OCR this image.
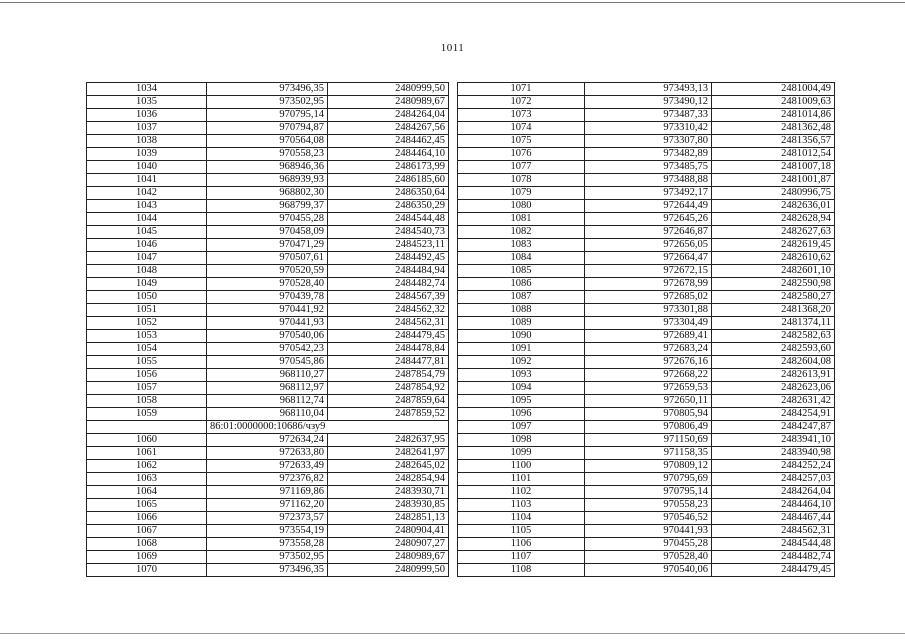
1011
1034	973496,35	2480999,50
1035	973502,95	2480989,67
1036	970795,14	2484264,04
1037	970794,87	2484267,56
1038	970564,08	2484462,45
1039	970558,23	2484464,10
1040	968946,36	2486173,99
1041	968939,93	2486185,60
1042	968802,30	2486350,64
1043	968799,37	2486350,29
1044	970455,28	2484544,48
1045	970458,09	2484540,73
1046	970471,29	2484523,11
1047	970507,61	2484492,45
1048	970520,59	2484484,94
1049	970528,40	2484482,74
1050	970439,78	2484567,39
1051	970441,92	2484562,32
1052	970441,93	2484562,31
1053	970540,06	2484479,45
1054	970542,23	2484478,84
1055	970545,86	2484477,81
1056	968110,27	2487854,79
1057	968112,97	2487854,92
1058	968112,74	2487859,64
1059	968110,04	2487859,52
	86:01:0000000:10686/чзу9	
1060	972634,24	2482637,95
1061	972633,80	2482641,97
1062	972633,49	2482645,02
1063	972376,82	2482854,94
1064	971169,86	2483930,71
1065	971162,20	2483930,85
1066	972373,57	2482851,13
1067	973554,19	2480904,41
1068	973558,28	2480907,27
1069	973502,95	2480989,67
1070	973496,35	2480999,50
1071	973493,13	2481004,49
1072	973490,12	2481009,63
1073	973487,33	2481014,86
1074	973310,42	2481362,48
1075	973307,80	2481356,57
1076	973482,89	2481012,54
1077	973485,75	2481007,18
1078	973488,88	2481001,87
1079	973492,17	2480996,75
1080	972644,49	2482636,01
1081	972645,26	2482628,94
1082	972646,87	2482627,63
1083	972656,05	2482619,45
1084	972664,47	2482610,62
1085	972672,15	2482601,10
1086	972678,99	2482590,98
1087	972685,02	2482580,27
1088	973301,88	2481368,20
1089	973304,49	2481374,11
1090	972689,41	2482582,63
1091	972683,24	2482593,60
1092	972676,16	2482604,08
1093	972668,22	2482613,91
1094	972659,53	2482623,06
1095	972650,11	2482631,42
1096	970805,94	2484254,91
1097	970806,49	2484247,87
1098	971150,69	2483941,10
1099	971158,35	2483940,98
1100	970809,12	2484252,24
1101	970795,69	2484257,03
1102	970795,14	2484264,04
1103	970558,23	2484464,10
1104	970546,52	2484467,44
1105	970441,93	2484562,31
1106	970455,28	2484544,48
1107	970528,40	2484482,74
1108	970540,06	2484479,45
